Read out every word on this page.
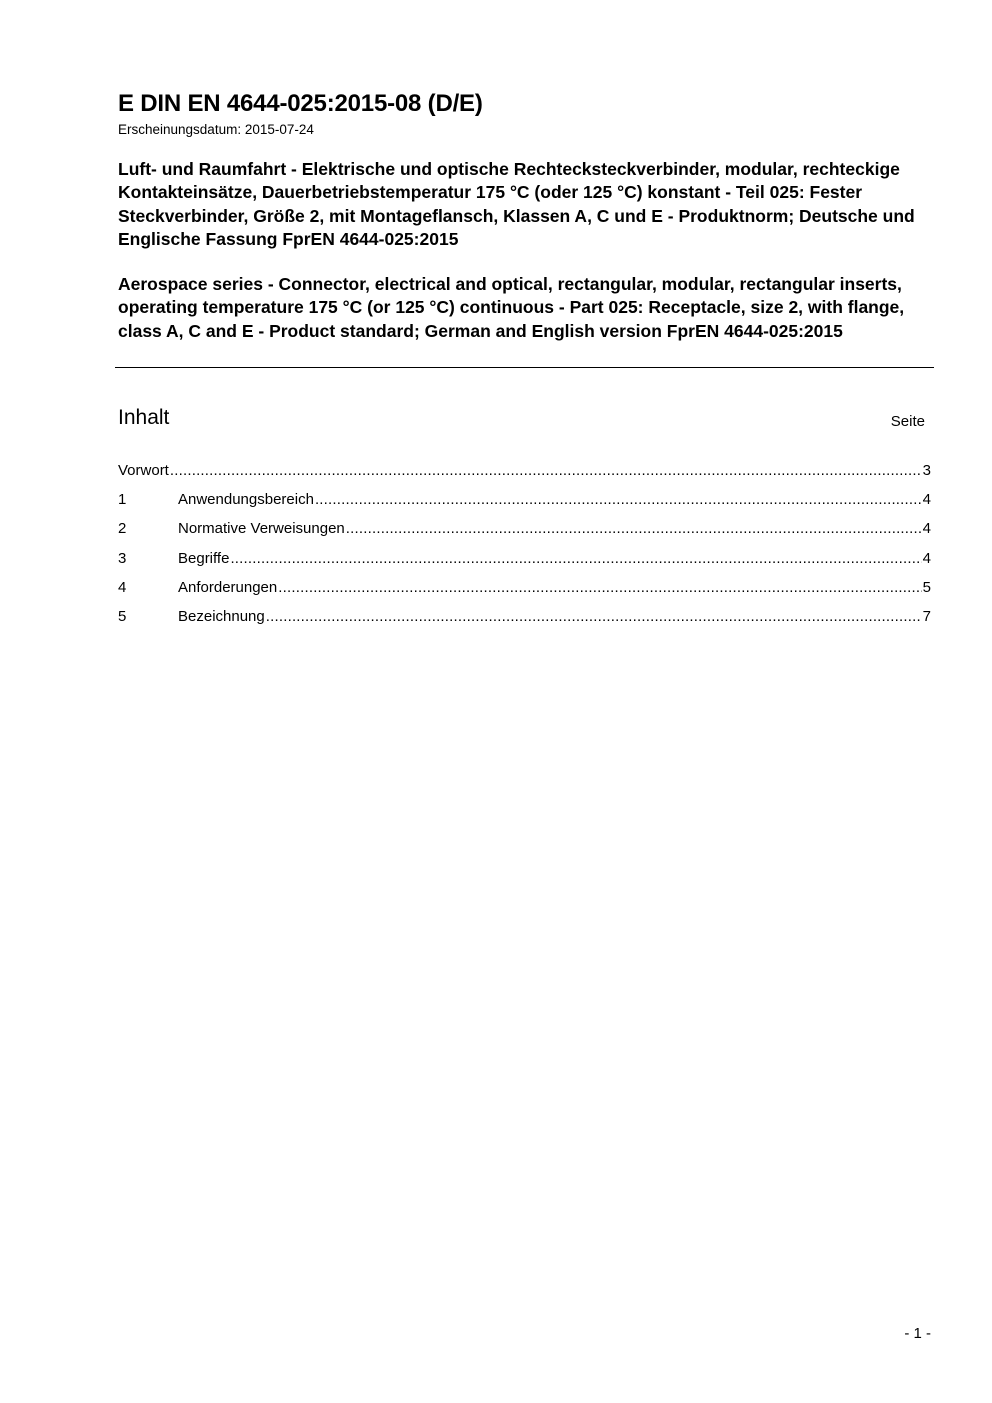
E DIN EN 4644-025:2015-08 (D/E)
Erscheinungsdatum: 2015-07-24
Luft- und Raumfahrt - Elektrische und optische Rechtecksteckverbinder, modular, rechteckige Kontakteinsätze, Dauerbetriebstemperatur 175 °C (oder 125 °C) konstant - Teil 025: Fester Steckverbinder, Größe 2, mit Montageflansch, Klassen A, C und E - Produktnorm; Deutsche und Englische Fassung FprEN 4644-025:2015
Aerospace series - Connector, electrical and optical, rectangular, modular, rectangular inserts, operating temperature 175 °C (or 125 °C) continuous - Part 025: Receptacle, size 2, with flange, class A, C and E - Product standard; German and English version FprEN 4644-025:2015
Inhalt	Seite
Vorwort .....	3
1	Anwendungsbereich .....	4
2	Normative Verweisungen .....	4
3	Begriffe .....	4
4	Anforderungen .....	5
5	Bezeichnung .....	7
- 1 -
